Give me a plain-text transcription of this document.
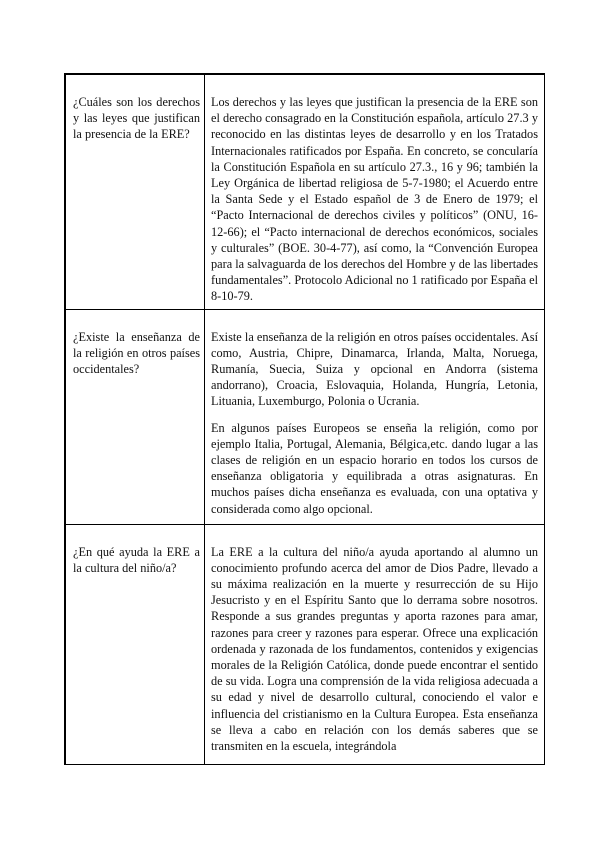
¿Cuáles son los derechos y las leyes que justifican la presencia de la ERE?	Los derechos y las leyes que justifican la presencia de la ERE son el derecho consagrado en la Constitución española, artículo 27.3 y reconocido en las distintas leyes de desarrollo y en los Tratados Internacionales ratificados por España. En concreto, se concularía la Constitución Española en su artículo 27.3., 16 y 96; también la Ley Orgánica de libertad religiosa de 5-7-1980; el Acuerdo entre la Santa Sede y el Estado español de 3 de Enero de 1979; el “Pacto Internacional de derechos civiles y políticos” (ONU, 16-12-66); el “Pacto internacional de derechos económicos, sociales y culturales” (BOE. 30-4-77), así como, la “Convención Europea para la salvaguarda de los derechos del Hombre y de las libertades fundamentales”. Protocolo Adicional no 1 ratificado por España el 8-10-79.

¿Existe la enseñanza de la religión en otros países occidentales?	Existe la enseñanza de la religión en otros países occidentales. Así como, Austria, Chipre, Dinamarca, Irlanda, Malta, Noruega, Rumanía, Suecia, Suiza y opcional en Andorra (sistema andorrano), Croacia, Eslovaquia, Holanda, Hungría, Letonia, Lituania, Luxemburgo, Polonia o Ucrania.

En algunos países Europeos se enseña la religión, como por ejemplo Italia, Portugal, Alemania, Bélgica,etc. dando lugar a las clases de religión en un espacio horario en todos los cursos de enseñanza obligatoria y equilibrada a otras asignaturas. En muchos países dicha enseñanza es evaluada, con una optativa y considerada como algo opcional.

¿En qué ayuda la ERE a la cultura del niño/a?	La ERE a la cultura del niño/a ayuda aportando al alumno un conocimiento profundo acerca del amor de Dios Padre, llevado a su máxima realización en la muerte y resurrección de su Hijo Jesucristo y en el Espíritu Santo que lo derrama sobre nosotros. Responde a sus grandes preguntas y aporta razones para amar, razones para creer y razones para esperar. Ofrece una explicación ordenada y razonada de los fundamentos, contenidos y exigencias morales de la Religión Católica, donde puede encontrar el sentido de su vida. Logra una comprensión de la vida religiosa adecuada a su edad y nivel de desarrollo cultural, conociendo el valor e influencia del cristianismo en la Cultura Europea. Esta enseñanza se lleva a cabo en relación con los demás saberes que se transmiten en la escuela, integrándola
